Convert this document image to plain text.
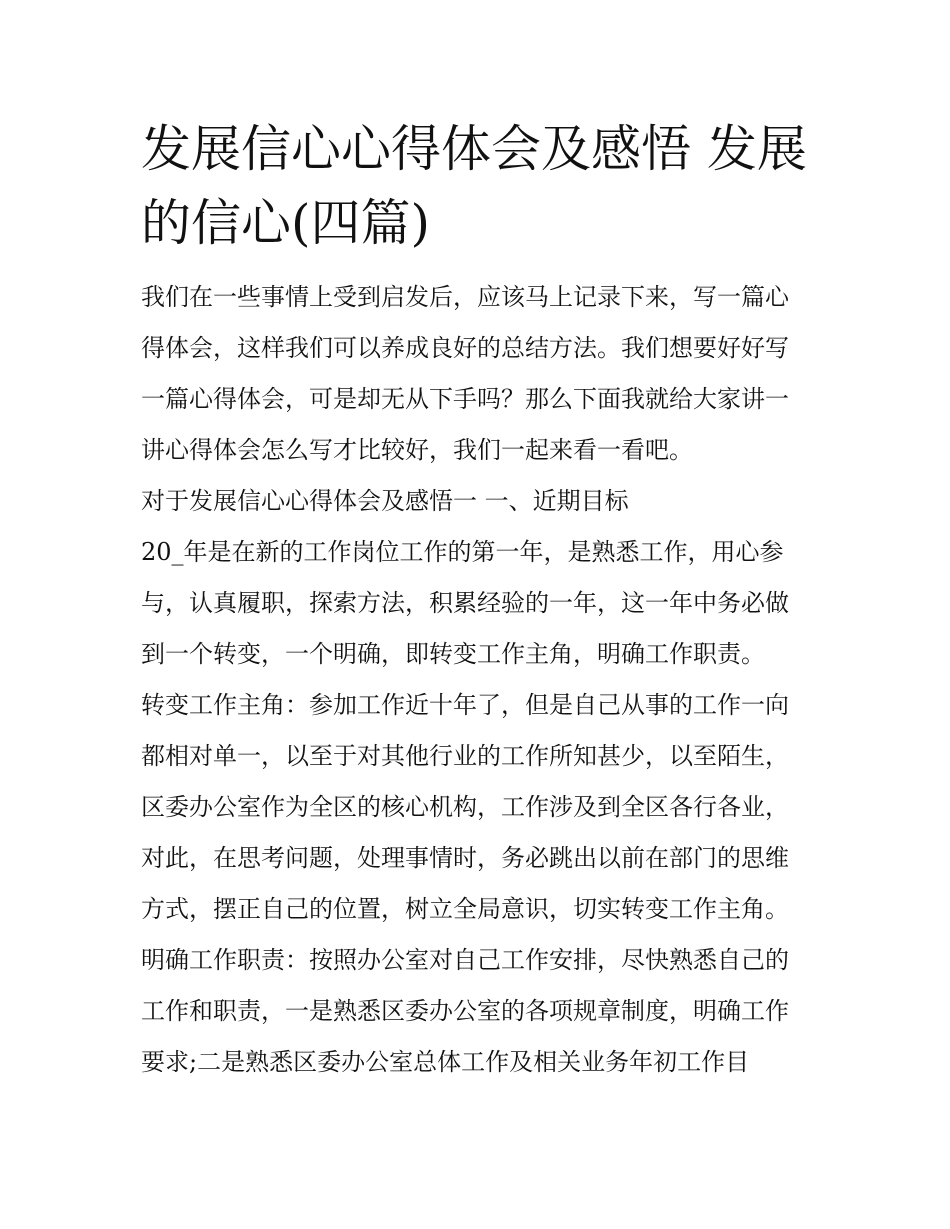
发展信心心得体会及感悟 发展
的信心(四篇)

我们在一些事情上受到启发后，应该马上记录下来，写一篇心
得体会，这样我们可以养成良好的总结方法。我们想要好好写
一篇心得体会，可是却无从下手吗？那么下面我就给大家讲一
讲心得体会怎么写才比较好，我们一起来看一看吧。

对于发展信心心得体会及感悟一 一、近期目标

20_年是在新的工作岗位工作的第一年，是熟悉工作，用心参
与，认真履职，探索方法，积累经验的一年，这一年中务必做
到一个转变，一个明确，即转变工作主角，明确工作职责。

转变工作主角：参加工作近十年了，但是自己从事的工作一向
都相对单一，以至于对其他行业的工作所知甚少，以至陌生，
区委办公室作为全区的核心机构，工作涉及到全区各行各业，
对此，在思考问题，处理事情时，务必跳出以前在部门的思维
方式，摆正自己的位置，树立全局意识，切实转变工作主角。

明确工作职责：按照办公室对自己工作安排，尽快熟悉自己的
工作和职责，一是熟悉区委办公室的各项规章制度，明确工作
要求;二是熟悉区委办公室总体工作及相关业务年初工作目
